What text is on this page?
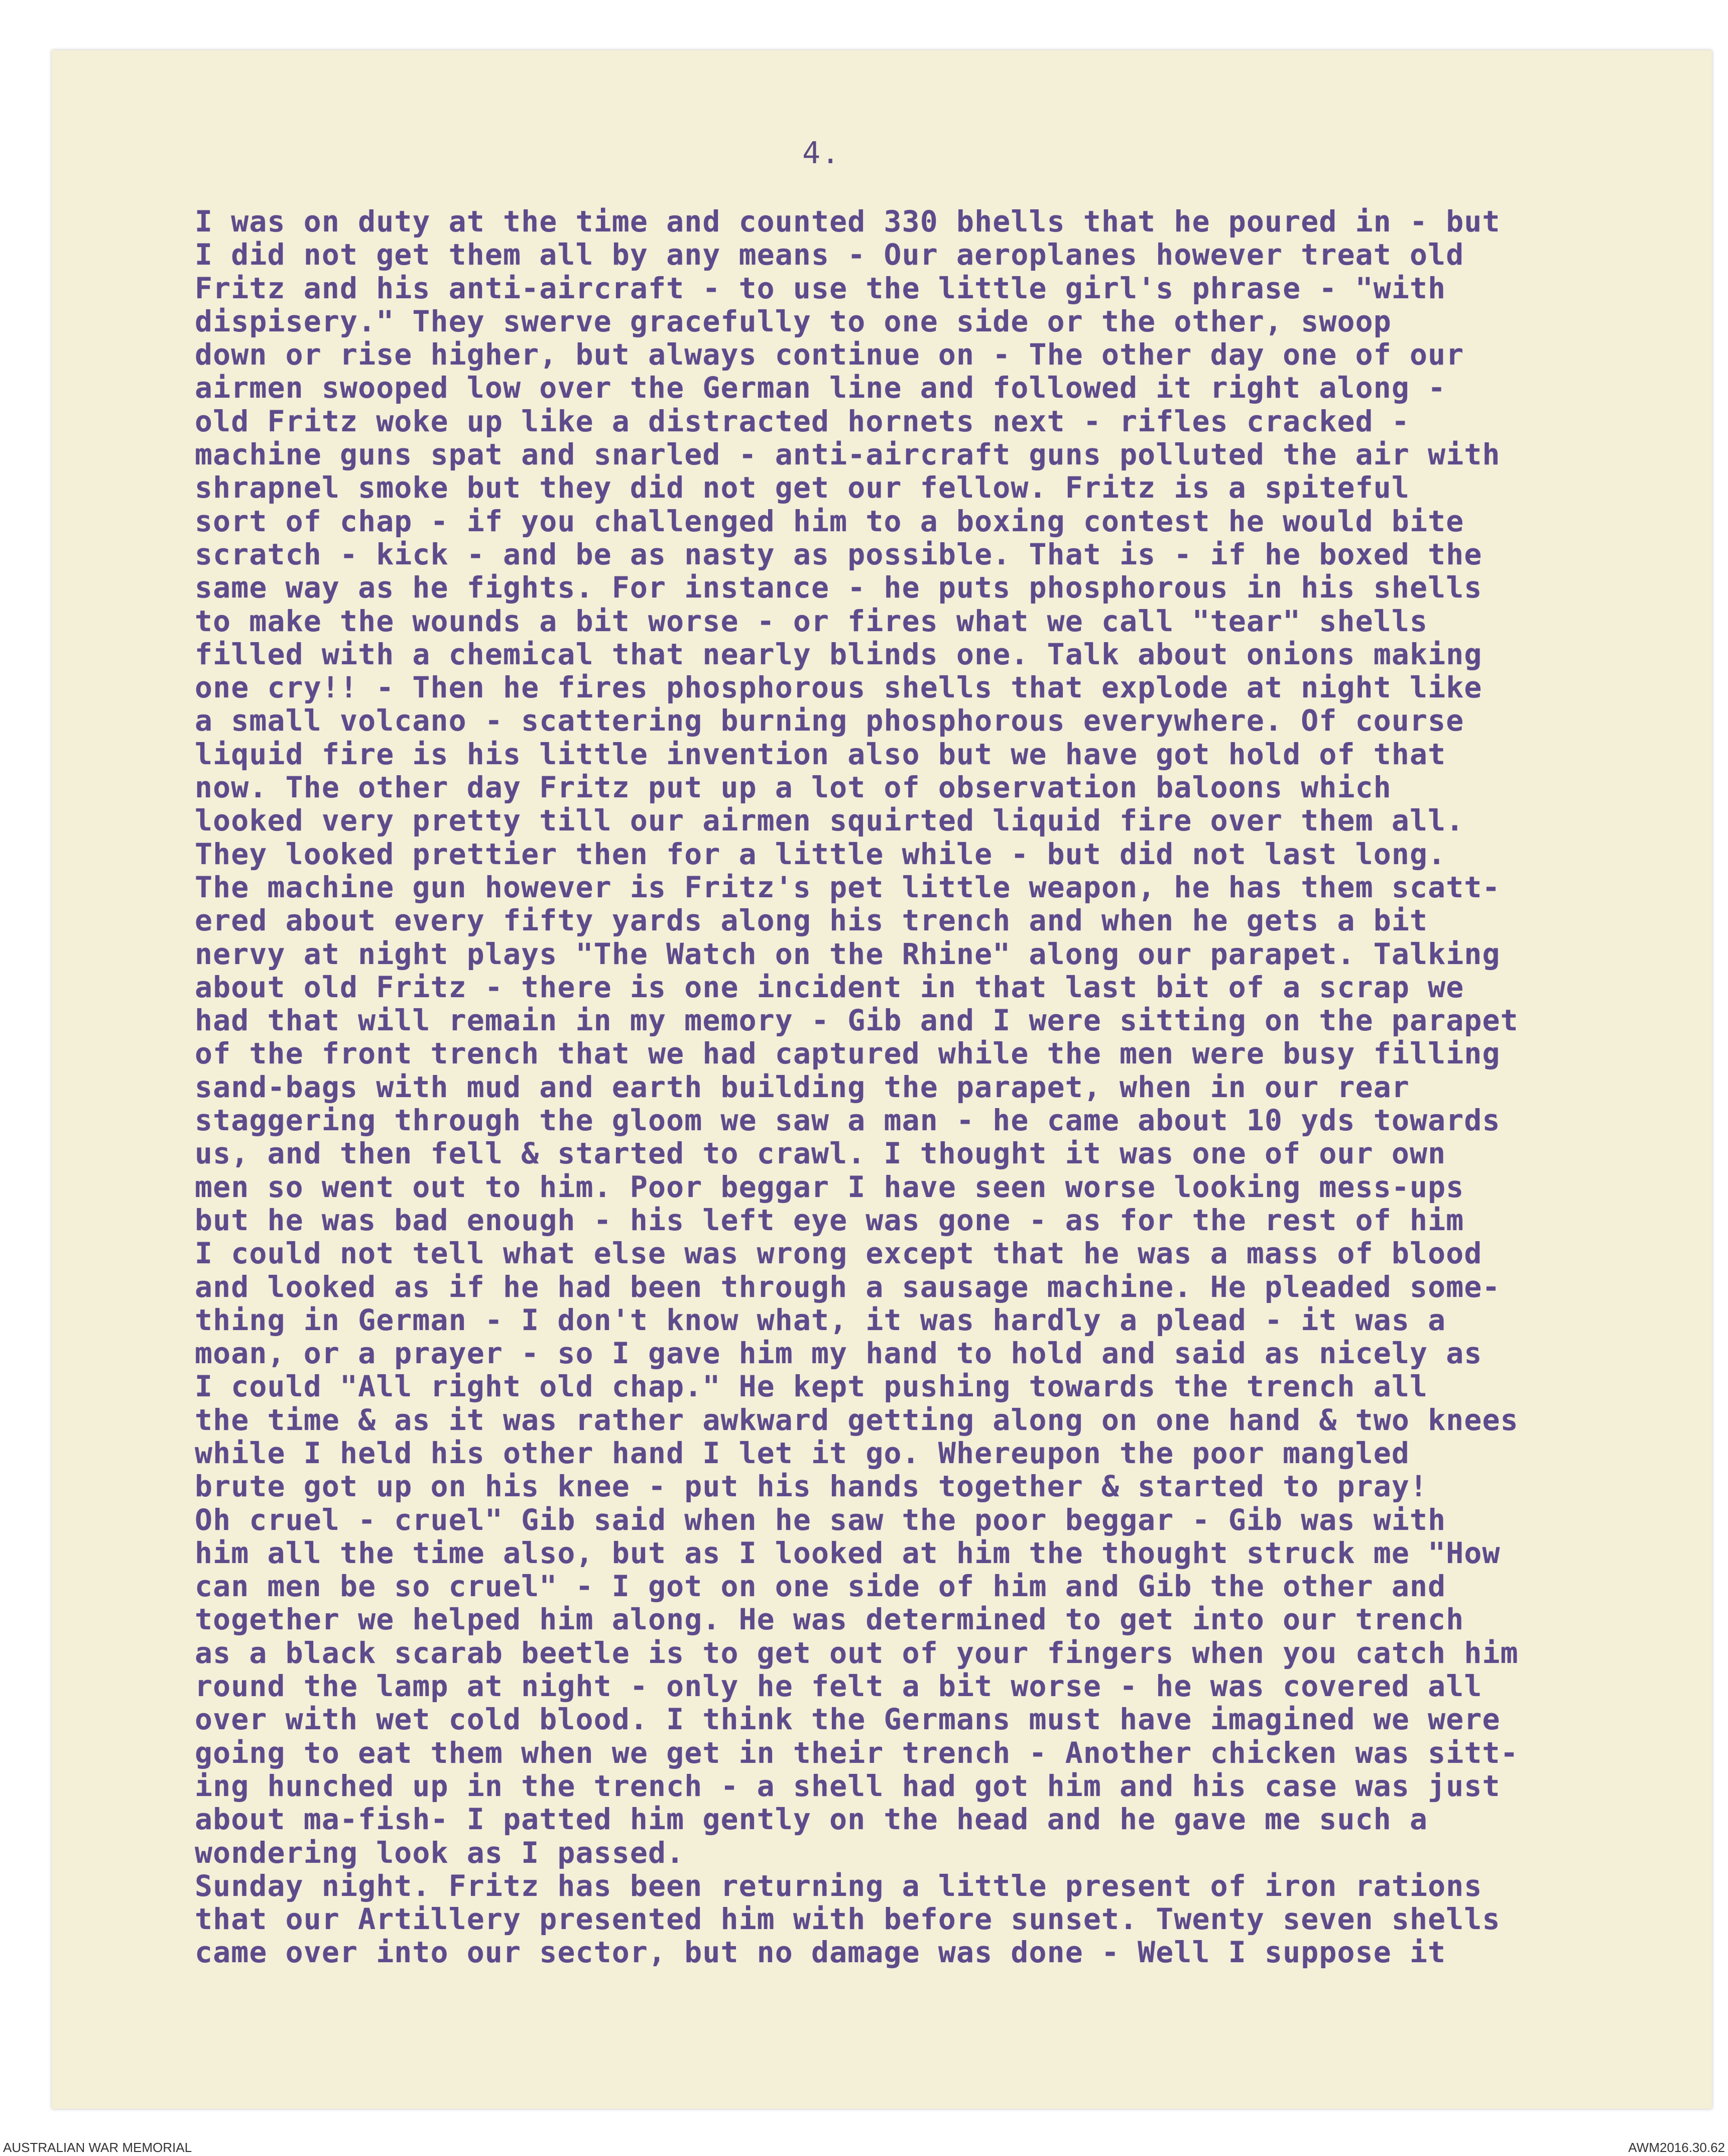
4.
I was on duty at the time and counted 330 bhells that he poured in - but
I did not get them all by any means - Our aeroplanes however treat old
Fritz and his anti-aircraft - to use the little girl's phrase - "with
dispisery." They swerve gracefully to one side or the other, swoop
down or rise higher, but always continue on - The other day one of our
airmen swooped low over the German line and followed it right along -
old Fritz woke up like a distracted hornets next - rifles cracked -
machine guns spat and snarled - anti-aircraft guns polluted the air with
shrapnel smoke but they did not get our fellow. Fritz is a spiteful
sort of chap - if you challenged him to a boxing contest he would bite
scratch - kick - and be as nasty as possible. That is - if he boxed the
same way as he fights. For instance - he puts phosphorous in his shells
to make the wounds a bit worse - or fires what we call "tear" shells
filled with a chemical that nearly blinds one. Talk about onions making
one cry!! - Then he fires phosphorous shells that explode at night like
a small volcano - scattering burning phosphorous everywhere. Of course
liquid fire is his little invention also but we have got hold of that
now. The other day Fritz put up a lot of observation baloons which
looked very pretty till our airmen squirted liquid fire over them all.
They looked prettier then for a little while - but did not last long.
The machine gun however is Fritz's pet little weapon, he has them scatt-
ered about every fifty yards along his trench and when he gets a bit
nervy at night plays "The Watch on the Rhine" along our parapet. Talking
about old Fritz - there is one incident in that last bit of a scrap we
had that will remain in my memory - Gib and I were sitting on the parapet
of the front trench that we had captured while the men were busy filling
sand-bags with mud and earth building the parapet, when in our rear
staggering through the gloom we saw a man - he came about 10 yds towards
us, and then fell & started to crawl. I thought it was one of our own
men so went out to him. Poor beggar I have seen worse looking mess-ups
but he was bad enough - his left eye was gone - as for the rest of him
I could not tell what else was wrong except that he was a mass of blood
and looked as if he had been through a sausage machine. He pleaded some-
thing in German - I don't know what, it was hardly a plead - it was a
moan, or a prayer - so I gave him my hand to hold and said as nicely as
I could "All right old chap." He kept pushing towards the trench all
the time & as it was rather awkward getting along on one hand & two knees
while I held his other hand I let it go. Whereupon the poor mangled
brute got up on his knee - put his hands together & started to pray!
Oh cruel - cruel" Gib said when he saw the poor beggar - Gib was with
him all the time also, but as I looked at him the thought struck me "How
can men be so cruel" - I got on one side of him and Gib the other and
together we helped him along. He was determined to get into our trench
as a black scarab beetle is to get out of your fingers when you catch him
round the lamp at night - only he felt a bit worse - he was covered all
over with wet cold blood. I think the Germans must have imagined we were
going to eat them when we get in their trench - Another chicken was sitt-
ing hunched up in the trench - a shell had got him and his case was just
about ma-fish- I patted him gently on the head and he gave me such a
wondering look as I passed.
Sunday night. Fritz has been returning a little present of iron rations
that our Artillery presented him with before sunset. Twenty seven shells
came over into our sector, but no damage was done - Well I suppose it
AUSTRALIAN WAR MEMORIAL	AWM2016.30.62
